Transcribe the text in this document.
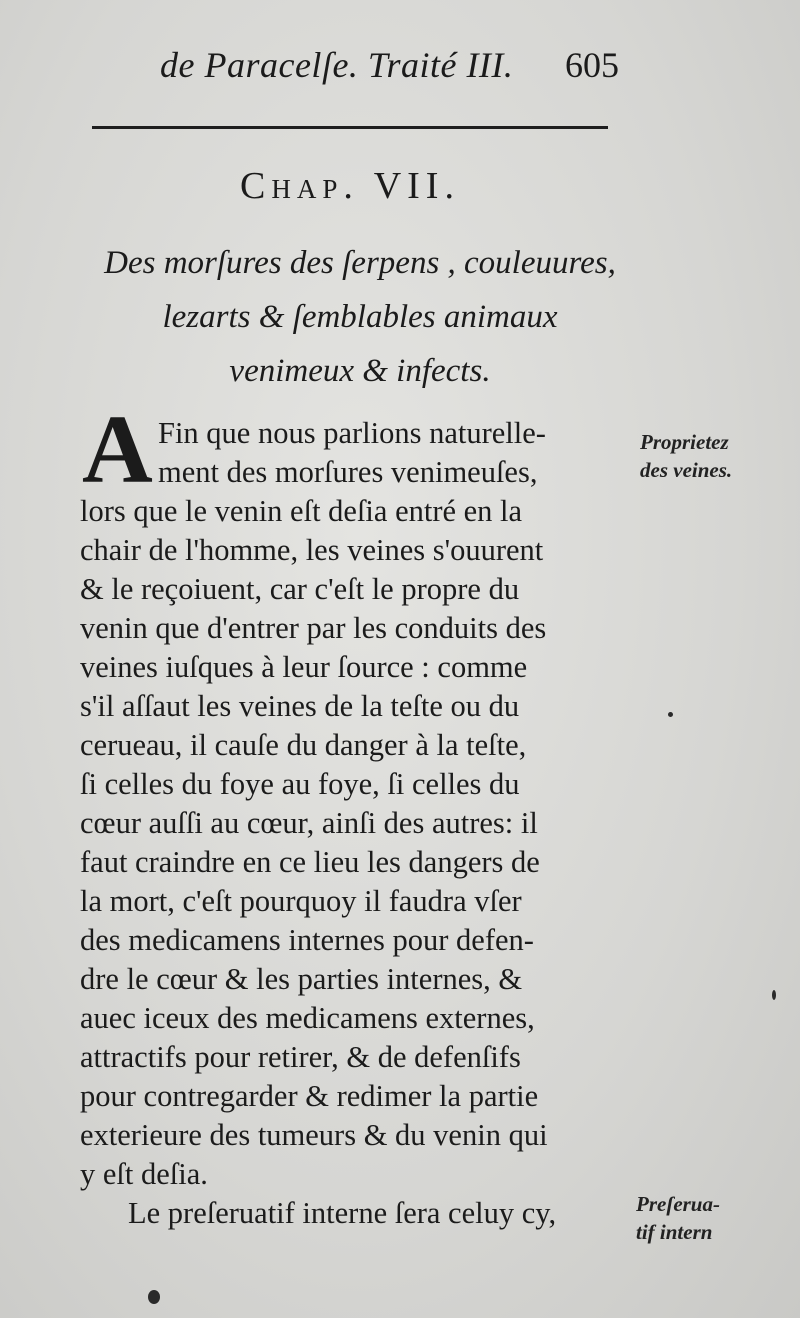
de Paracelſe. Traité III. 605
Chap. VII.
Des morſures des ſerpens , couleuures,
lezarts & ſemblables animaux
venimeux & infects.
A Fin que nous parlions naturelle-
ment des morſures venimeuſes,
lors que le venin eſt deſia entré en la
chair de l'homme, les veines s'ouurent
& le reçoiuent, car c'eſt le propre du
venin que d'entrer par les conduits des
veines iuſques à leur ſource : comme
s'il aſſaut les veines de la teſte ou du
cerueau, il cauſe du danger à la teſte,
ſi celles du foye au foye, ſi celles du
cœur auſſi au cœur, ainſi des autres: il
faut craindre en ce lieu les dangers de
la mort, c'eſt pourquoy il faudra vſer
des medicamens internes pour defen-
dre le cœur & les parties internes, &
auec iceux des medicamens externes,
attractifs pour retirer, & de defenſifs
pour contregarder & redimer la partie
exterieure des tumeurs & du venin qui
y eſt deſia.
Le preſeruatif interne ſera celuy cy,
Proprietez
des veines.
Preſerua-
tif intern
